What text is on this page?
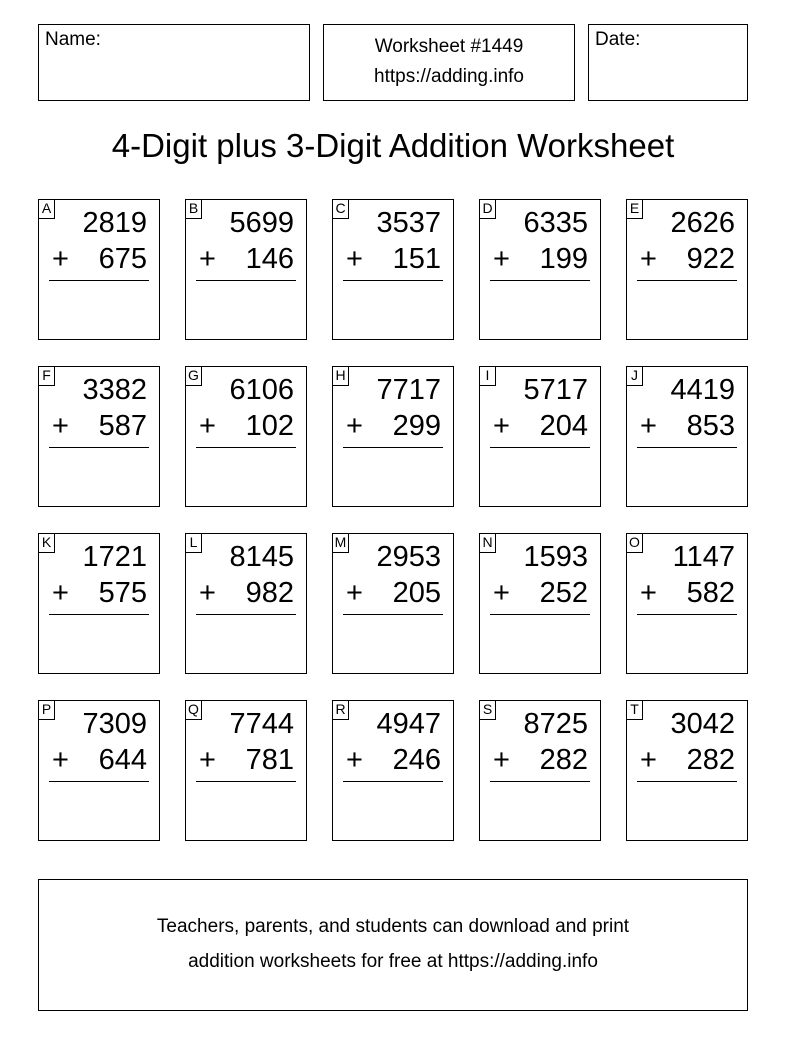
Name:	Worksheet #1449
https://adding.info
Date:
4-Digit plus 3-Digit Addition Worksheet
A 2819
+ 675
B 5699
+ 146
C 3537
+ 151
D 6335
+ 199
E 2626
+ 922
F 3382
+ 587
G 6106
+ 102
H 7717
+ 299
I 5717
+ 204
J 4419
+ 853
K 1721
+ 575
L 8145
+ 982
M 2953
+ 205
N 1593
+ 252
O 1147
+ 582
P 7309
+ 644
Q 7744
+ 781
R 4947
+ 246
S 8725
+ 282
T 3042
+ 282
Teachers, parents, and students can download and print
addition worksheets for free at https://adding.info
